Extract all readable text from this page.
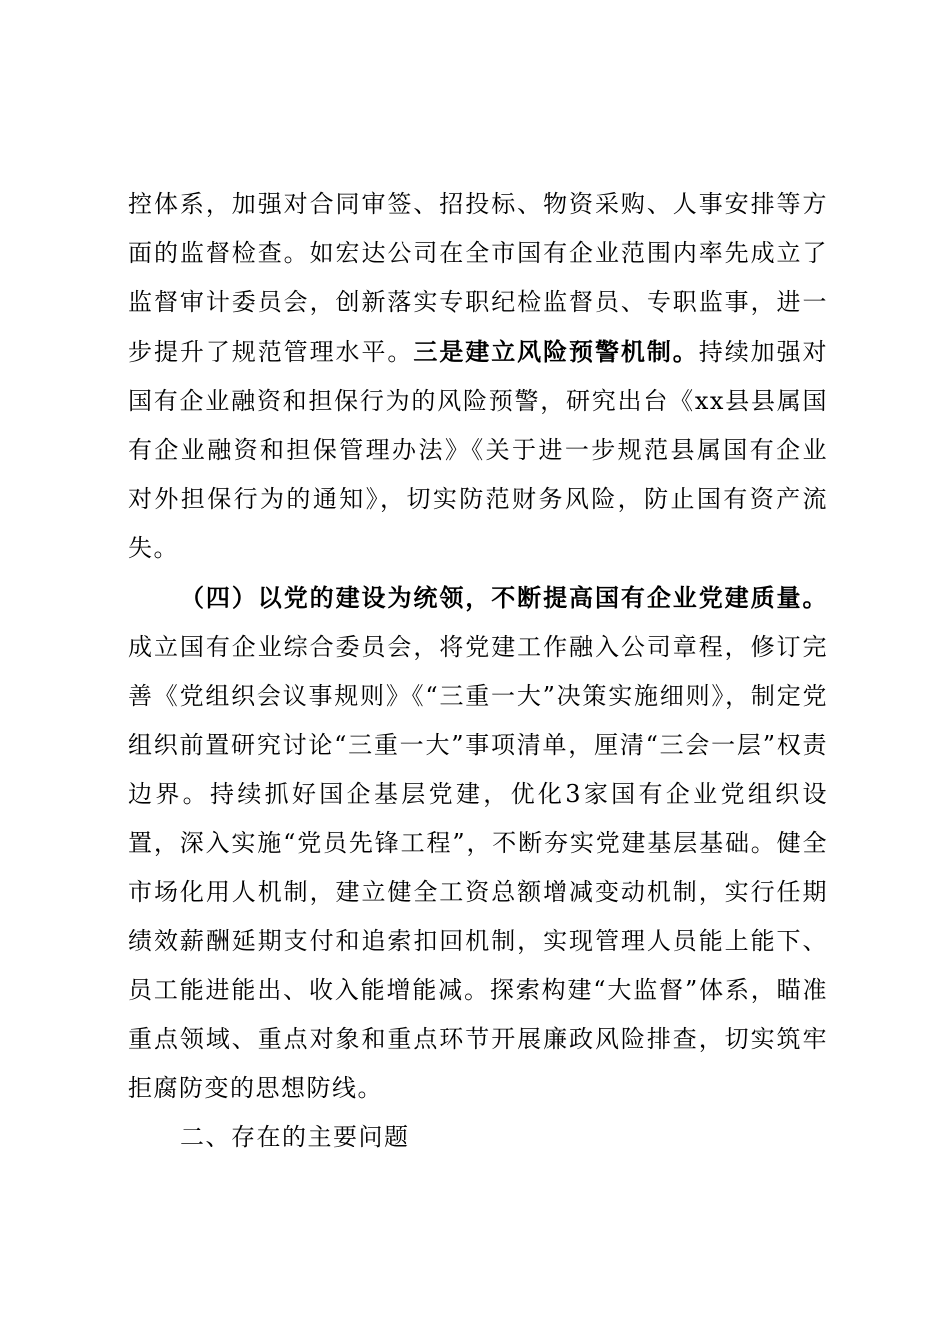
控体系，加强对合同审签、招投标、物资采购、人事安排等方面的监督检查。如宏达公司在全市国有企业范围内率先成立了监督审计委员会，创新落实专职纪检监督员、专职监事，进一步提升了规范管理水平。三是建立风险预警机制。持续加强对国有企业融资和担保行为的风险预警，研究出台《xx县县属国有企业融资和担保管理办法》《关于进一步规范县属国有企业对外担保行为的通知》，切实防范财务风险，防止国有资产流失。

（四）以党的建设为统领，不断提高国有企业党建质量。成立国有企业综合委员会，将党建工作融入公司章程，修订完善《党组织会议事规则》《“三重一大”决策实施细则》，制定党组织前置研究讨论“三重一大”事项清单，厘清“三会一层”权责边界。持续抓好国企基层党建，优化3家国有企业党组织设置，深入实施“党员先锋工程”，不断夯实党建基层基础。健全市场化用人机制，建立健全工资总额增减变动机制，实行任期绩效薪酬延期支付和追索扣回机制，实现管理人员能上能下、员工能进能出、收入能增能减。探索构建“大监督”体系，瞄准重点领域、重点对象和重点环节开展廉政风险排查，切实筑牢拒腐防变的思想防线。

二、存在的主要问题
